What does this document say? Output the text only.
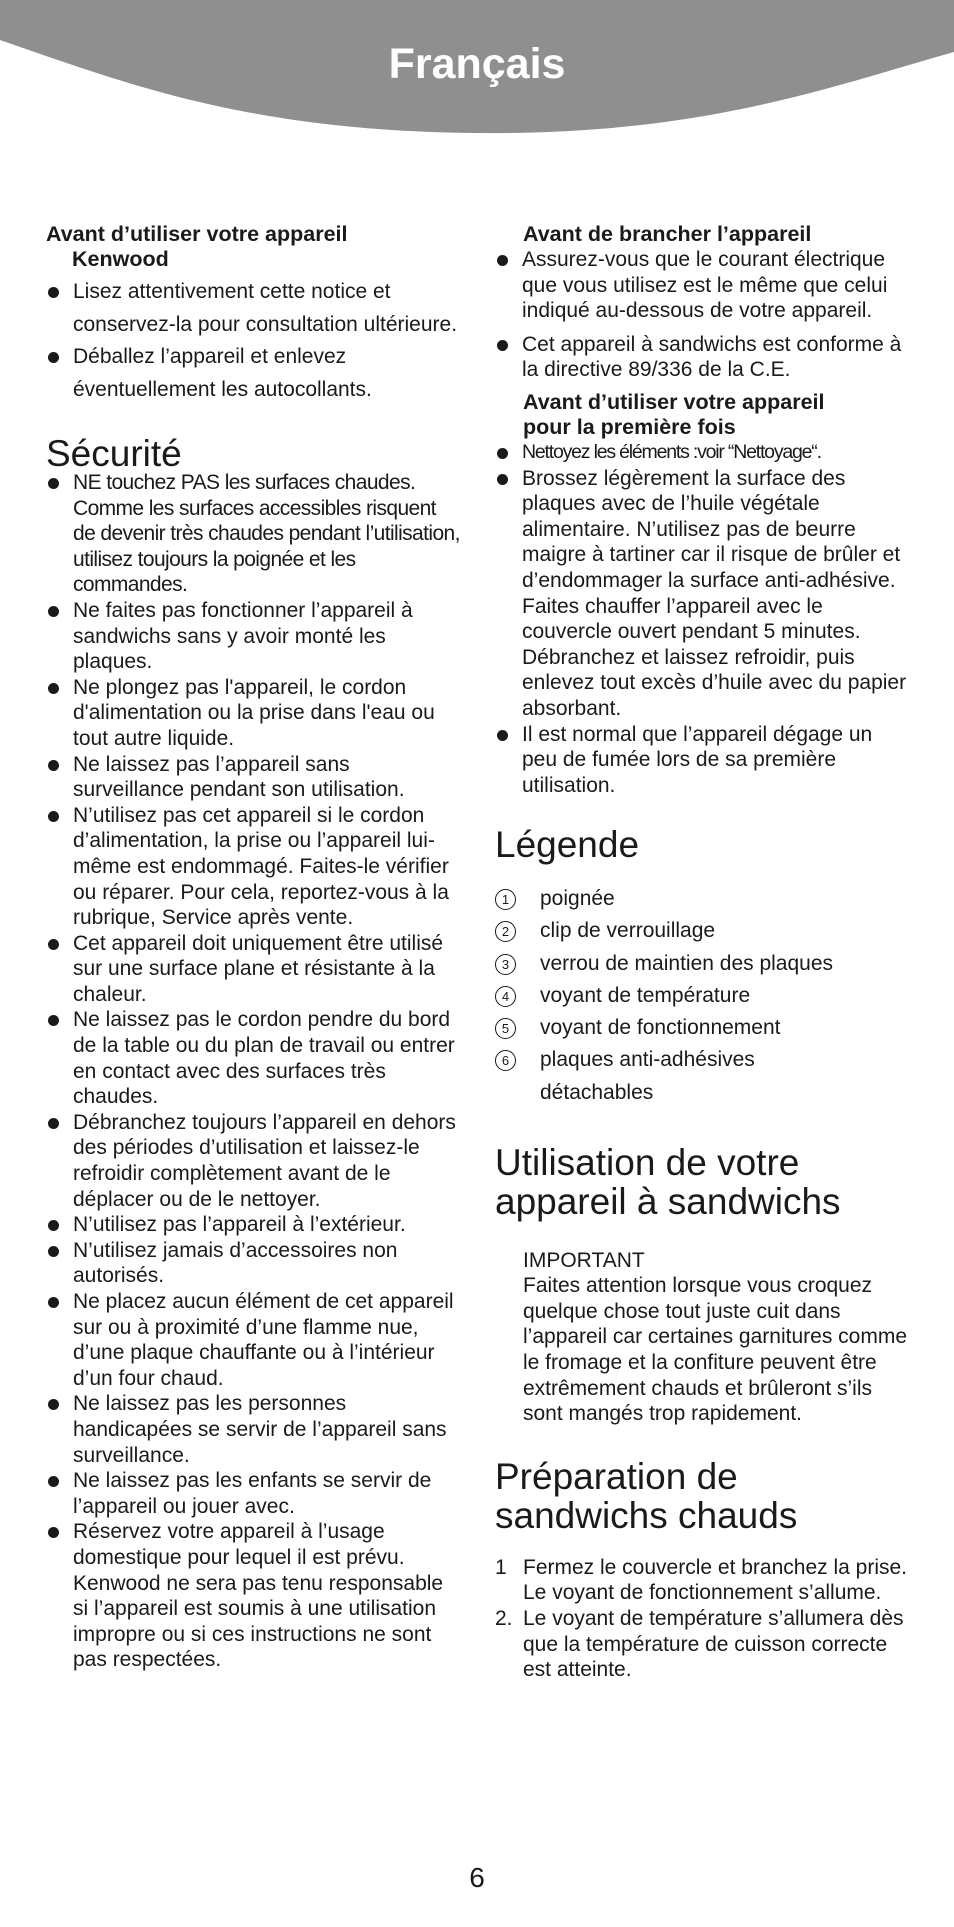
Français
Avant d’utiliser votre appareil
Kenwood
Lisez attentivement cette notice et conservez-la pour consultation ultérieure.
Déballez l’appareil et enlevez éventuellement les autocollants.
Sécurité
NE touchez PAS les surfaces chaudes. Comme les surfaces accessibles risquent de devenir très chaudes pendant l’utilisation, utilisez toujours la poignée et les commandes.
Ne faites pas fonctionner l’appareil à sandwichs sans y avoir monté les plaques.
Ne plongez pas l'appareil, le cordon d'alimentation ou la prise dans l'eau ou tout autre liquide.
Ne laissez pas l’appareil sans surveillance pendant son utilisation.
N’utilisez pas cet appareil si le cordon d’alimentation, la prise ou l’appareil lui-même est endommagé. Faites-le vérifier ou réparer. Pour cela, reportez-vous à la rubrique, Service après vente.
Cet appareil doit uniquement être utilisé sur une surface plane et résistante à la chaleur.
Ne laissez pas le cordon pendre du bord de la table ou du plan de travail ou entrer en contact avec des surfaces très chaudes.
Débranchez toujours l’appareil en dehors des périodes d’utilisation et laissez-le refroidir complètement avant de le déplacer ou de le nettoyer.
N’utilisez pas l’appareil à l’extérieur.
N’utilisez jamais d’accessoires non autorisés.
Ne placez aucun élément de cet appareil sur ou à proximité d’une flamme nue, d’une plaque chauffante ou à l’intérieur d’un four chaud.
Ne laissez pas les personnes handicapées se servir de l’appareil sans surveillance.
Ne laissez pas les enfants se servir de l’appareil ou jouer avec.
Réservez votre appareil à l’usage domestique pour lequel il est prévu. Kenwood ne sera pas tenu responsable si l’appareil est soumis à une utilisation impropre ou si ces instructions ne sont pas respectées.
Avant de brancher l’appareil
Assurez-vous que le courant électrique que vous utilisez est le même que celui indiqué au-dessous de votre appareil.
Cet appareil à sandwichs est conforme à la directive 89/336 de la C.E.
Avant d’utiliser votre appareil
pour la première fois
Nettoyez les éléments :voir “Nettoyage“.
Brossez légèrement la surface des plaques avec de l’huile végétale alimentaire. N’utilisez pas de beurre maigre à tartiner car il risque de brûler et d’endommager la surface anti-adhésive. Faites chauffer l’appareil avec le couvercle ouvert pendant 5 minutes. Débranchez et laissez refroidir, puis enlevez tout excès d’huile avec du papier absorbant.
Il est normal que l’appareil dégage un peu de fumée lors de sa première utilisation.
Légende
1	poignée
2	clip de verrouillage
3	verrou de maintien des plaques
4	voyant de température
5	voyant de fonctionnement
6	plaques anti-adhésives détachables
Utilisation de votre
appareil à sandwichs
IMPORTANT
Faites attention lorsque vous croquez quelque chose tout juste cuit dans l’appareil car certaines garnitures comme le fromage et la confiture peuvent être extrêmement chauds et brûleront s’ils sont mangés trop rapidement.
Préparation de
sandwichs chauds
1 Fermez le couvercle et branchez la prise. Le voyant de fonctionnement s’allume.
2. Le voyant de température s’allumera dès que la température de cuisson correcte est atteinte.
6
